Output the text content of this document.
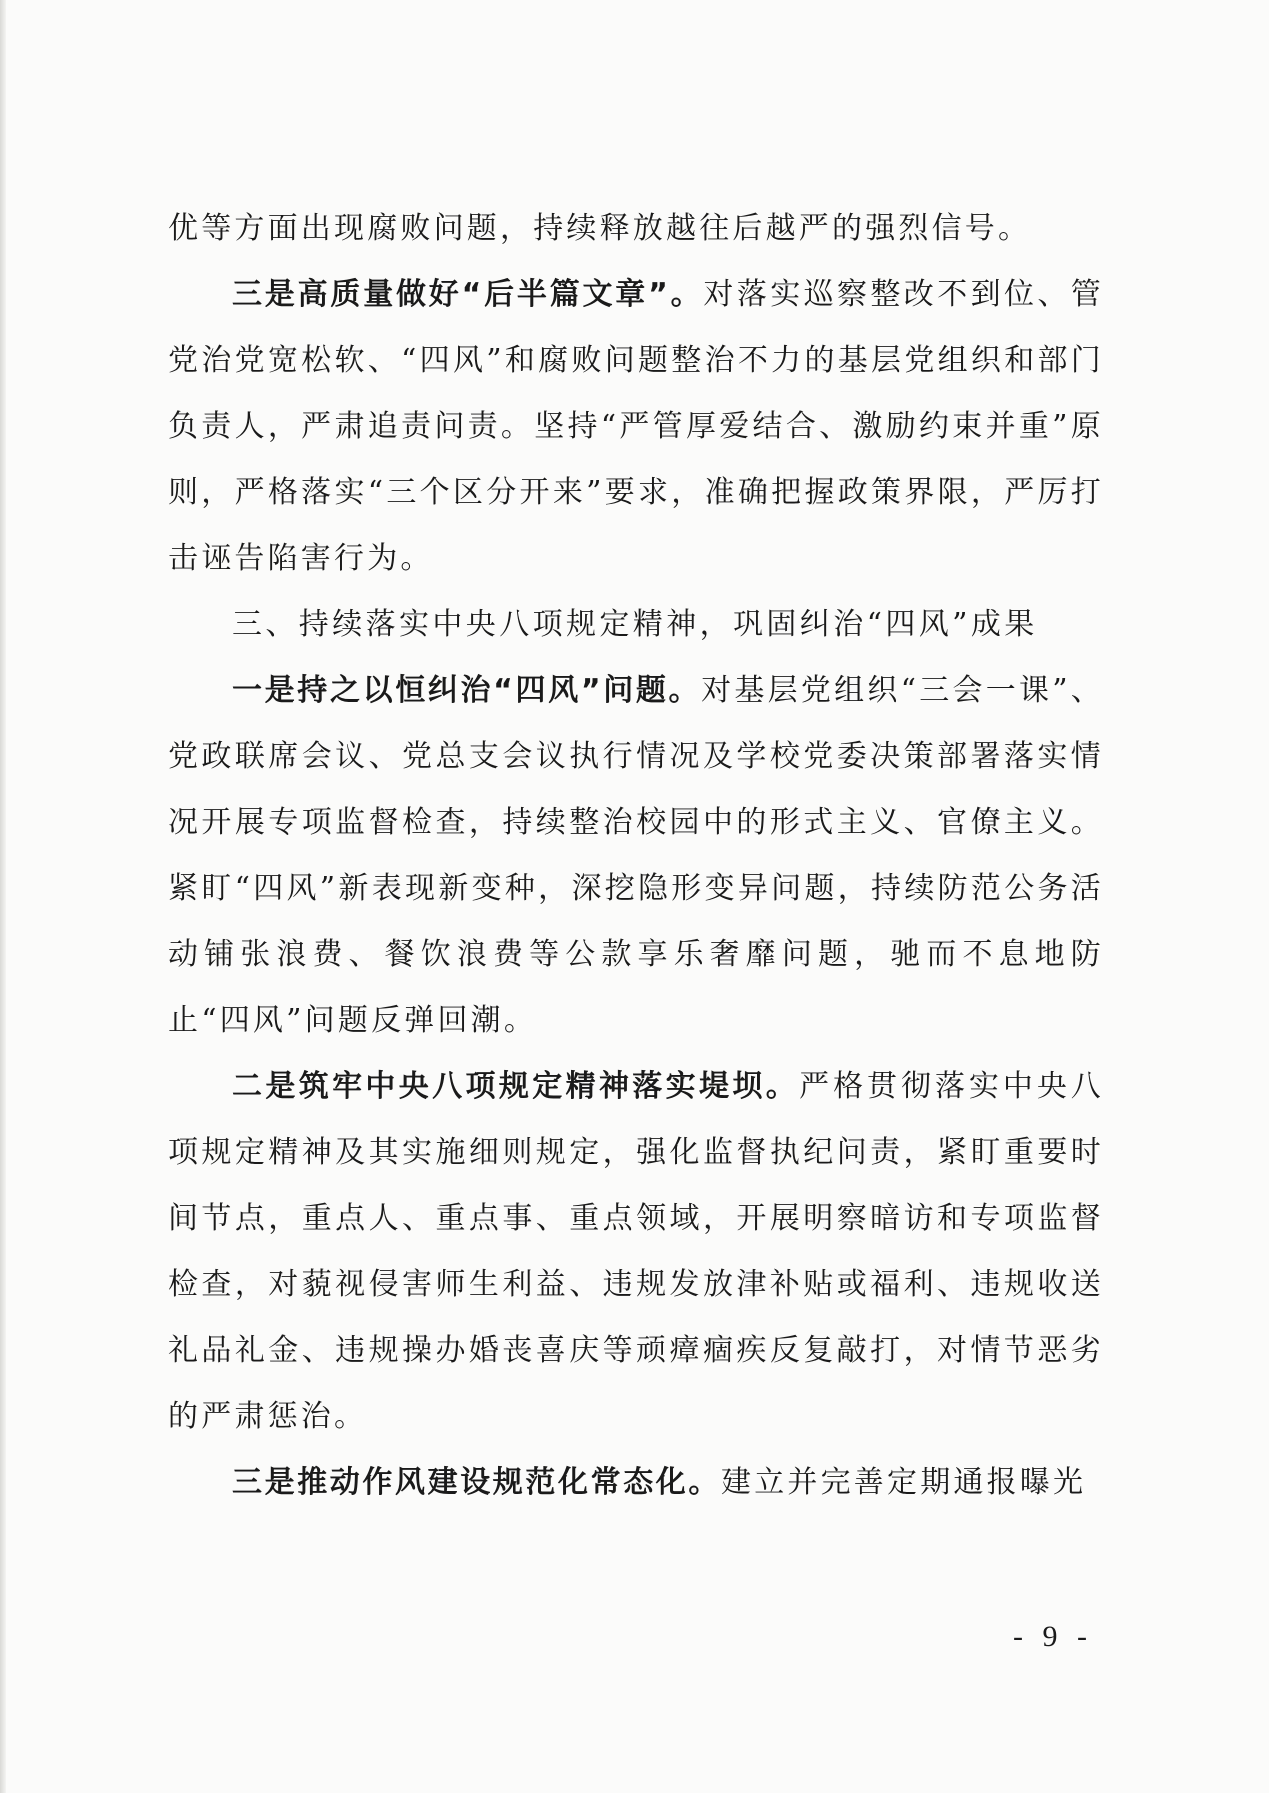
优等方面出现腐败问题，持续释放越往后越严的强烈信号。

三是高质量做好“后半篇文章”。对落实巡察整改不到位、管党治党宽松软、“四风”和腐败问题整治不力的基层党组织和部门负责人，严肃追责问责。坚持“严管厚爱结合、激励约束并重”原则，严格落实“三个区分开来”要求，准确把握政策界限，严厉打击诬告陷害行为。

三、持续落实中央八项规定精神，巩固纠治“四风”成果

一是持之以恒纠治“四风”问题。对基层党组织“三会一课”、党政联席会议、党总支会议执行情况及学校党委决策部署落实情况开展专项监督检查，持续整治校园中的形式主义、官僚主义。紧盯“四风”新表现新变种，深挖隐形变异问题，持续防范公务活动铺张浪费、餐饮浪费等公款享乐奢靡问题，驰而不息地防止“四风”问题反弹回潮。

二是筑牢中央八项规定精神落实堤坝。严格贯彻落实中央八项规定精神及其实施细则规定，强化监督执纪问责，紧盯重要时间节点，重点人、重点事、重点领域，开展明察暗访和专项监督检查，对藐视侵害师生利益、违规发放津补贴或福利、违规收送礼品礼金、违规操办婚丧喜庆等顽瘴痼疾反复敲打，对情节恶劣的严肃惩治。

三是推动作风建设规范化常态化。建立并完善定期通报曝光

- 9 -
